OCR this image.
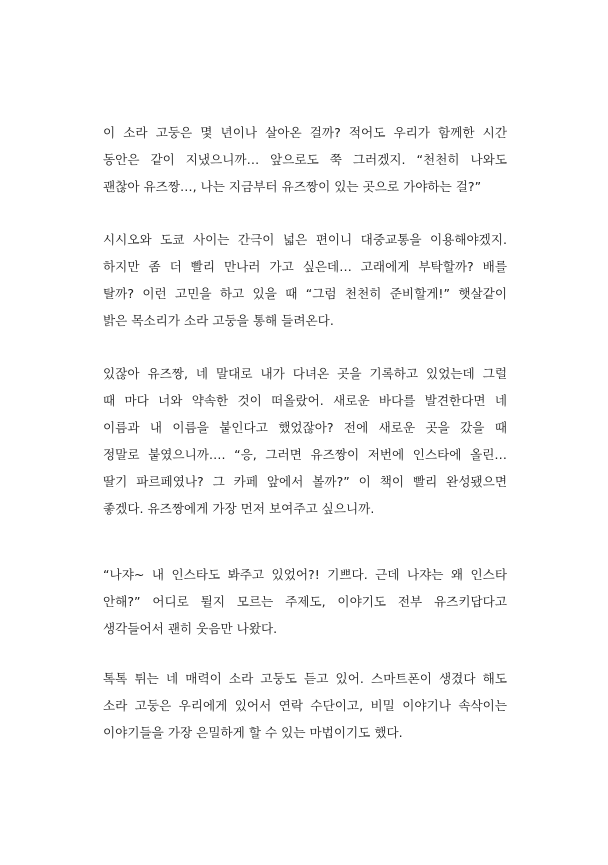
이 소라 고둥은 몇 년이나 살아온 걸까? 적어도 우리가 함께한 시간
동안은 같이 지냈으니까… 앞으로도 쭉 그러겠지. “천천히 나와도
괜찮아 유즈짱…, 나는 지금부터 유즈짱이 있는 곳으로 가야하는 걸?”
시시오와 도쿄 사이는 간극이 넓은 편이니 대중교통을 이용해야겠지.
하지만 좀 더 빨리 만나러 가고 싶은데… 고래에게 부탁할까? 배를
탈까? 이런 고민을 하고 있을 때 “그럼 천천히 준비할게!” 햇살같이
밝은 목소리가 소라 고둥을 통해 들려온다.
있잖아 유즈짱, 네 말대로 내가 다녀온 곳을 기록하고 있었는데 그럴
때 마다 너와 약속한 것이 떠올랐어. 새로운 바다를 발견한다면 네
이름과 내 이름을 붙인다고 했었잖아? 전에 새로운 곳을 갔을 때
정말로 붙였으니까…. “응, 그러면 유즈짱이 저번에 인스타에 올린…
딸기 파르페였나? 그 카페 앞에서 볼까?” 이 책이 빨리 완성됐으면
좋겠다. 유즈짱에게 가장 먼저 보여주고 싶으니까.
“나쟈~ 내 인스타도 봐주고 있었어?! 기쁘다. 근데 나쟈는 왜 인스타
안해?” 어디로 튈지 모르는 주제도, 이야기도 전부 유즈키답다고
생각들어서 괜히 웃음만 나왔다.
톡톡 튀는 네 매력이 소라 고둥도 듣고 있어. 스마트폰이 생겼다 해도
소라 고둥은 우리에게 있어서 연락 수단이고, 비밀 이야기나 속삭이는
이야기들을 가장 은밀하게 할 수 있는 마법이기도 했다.
